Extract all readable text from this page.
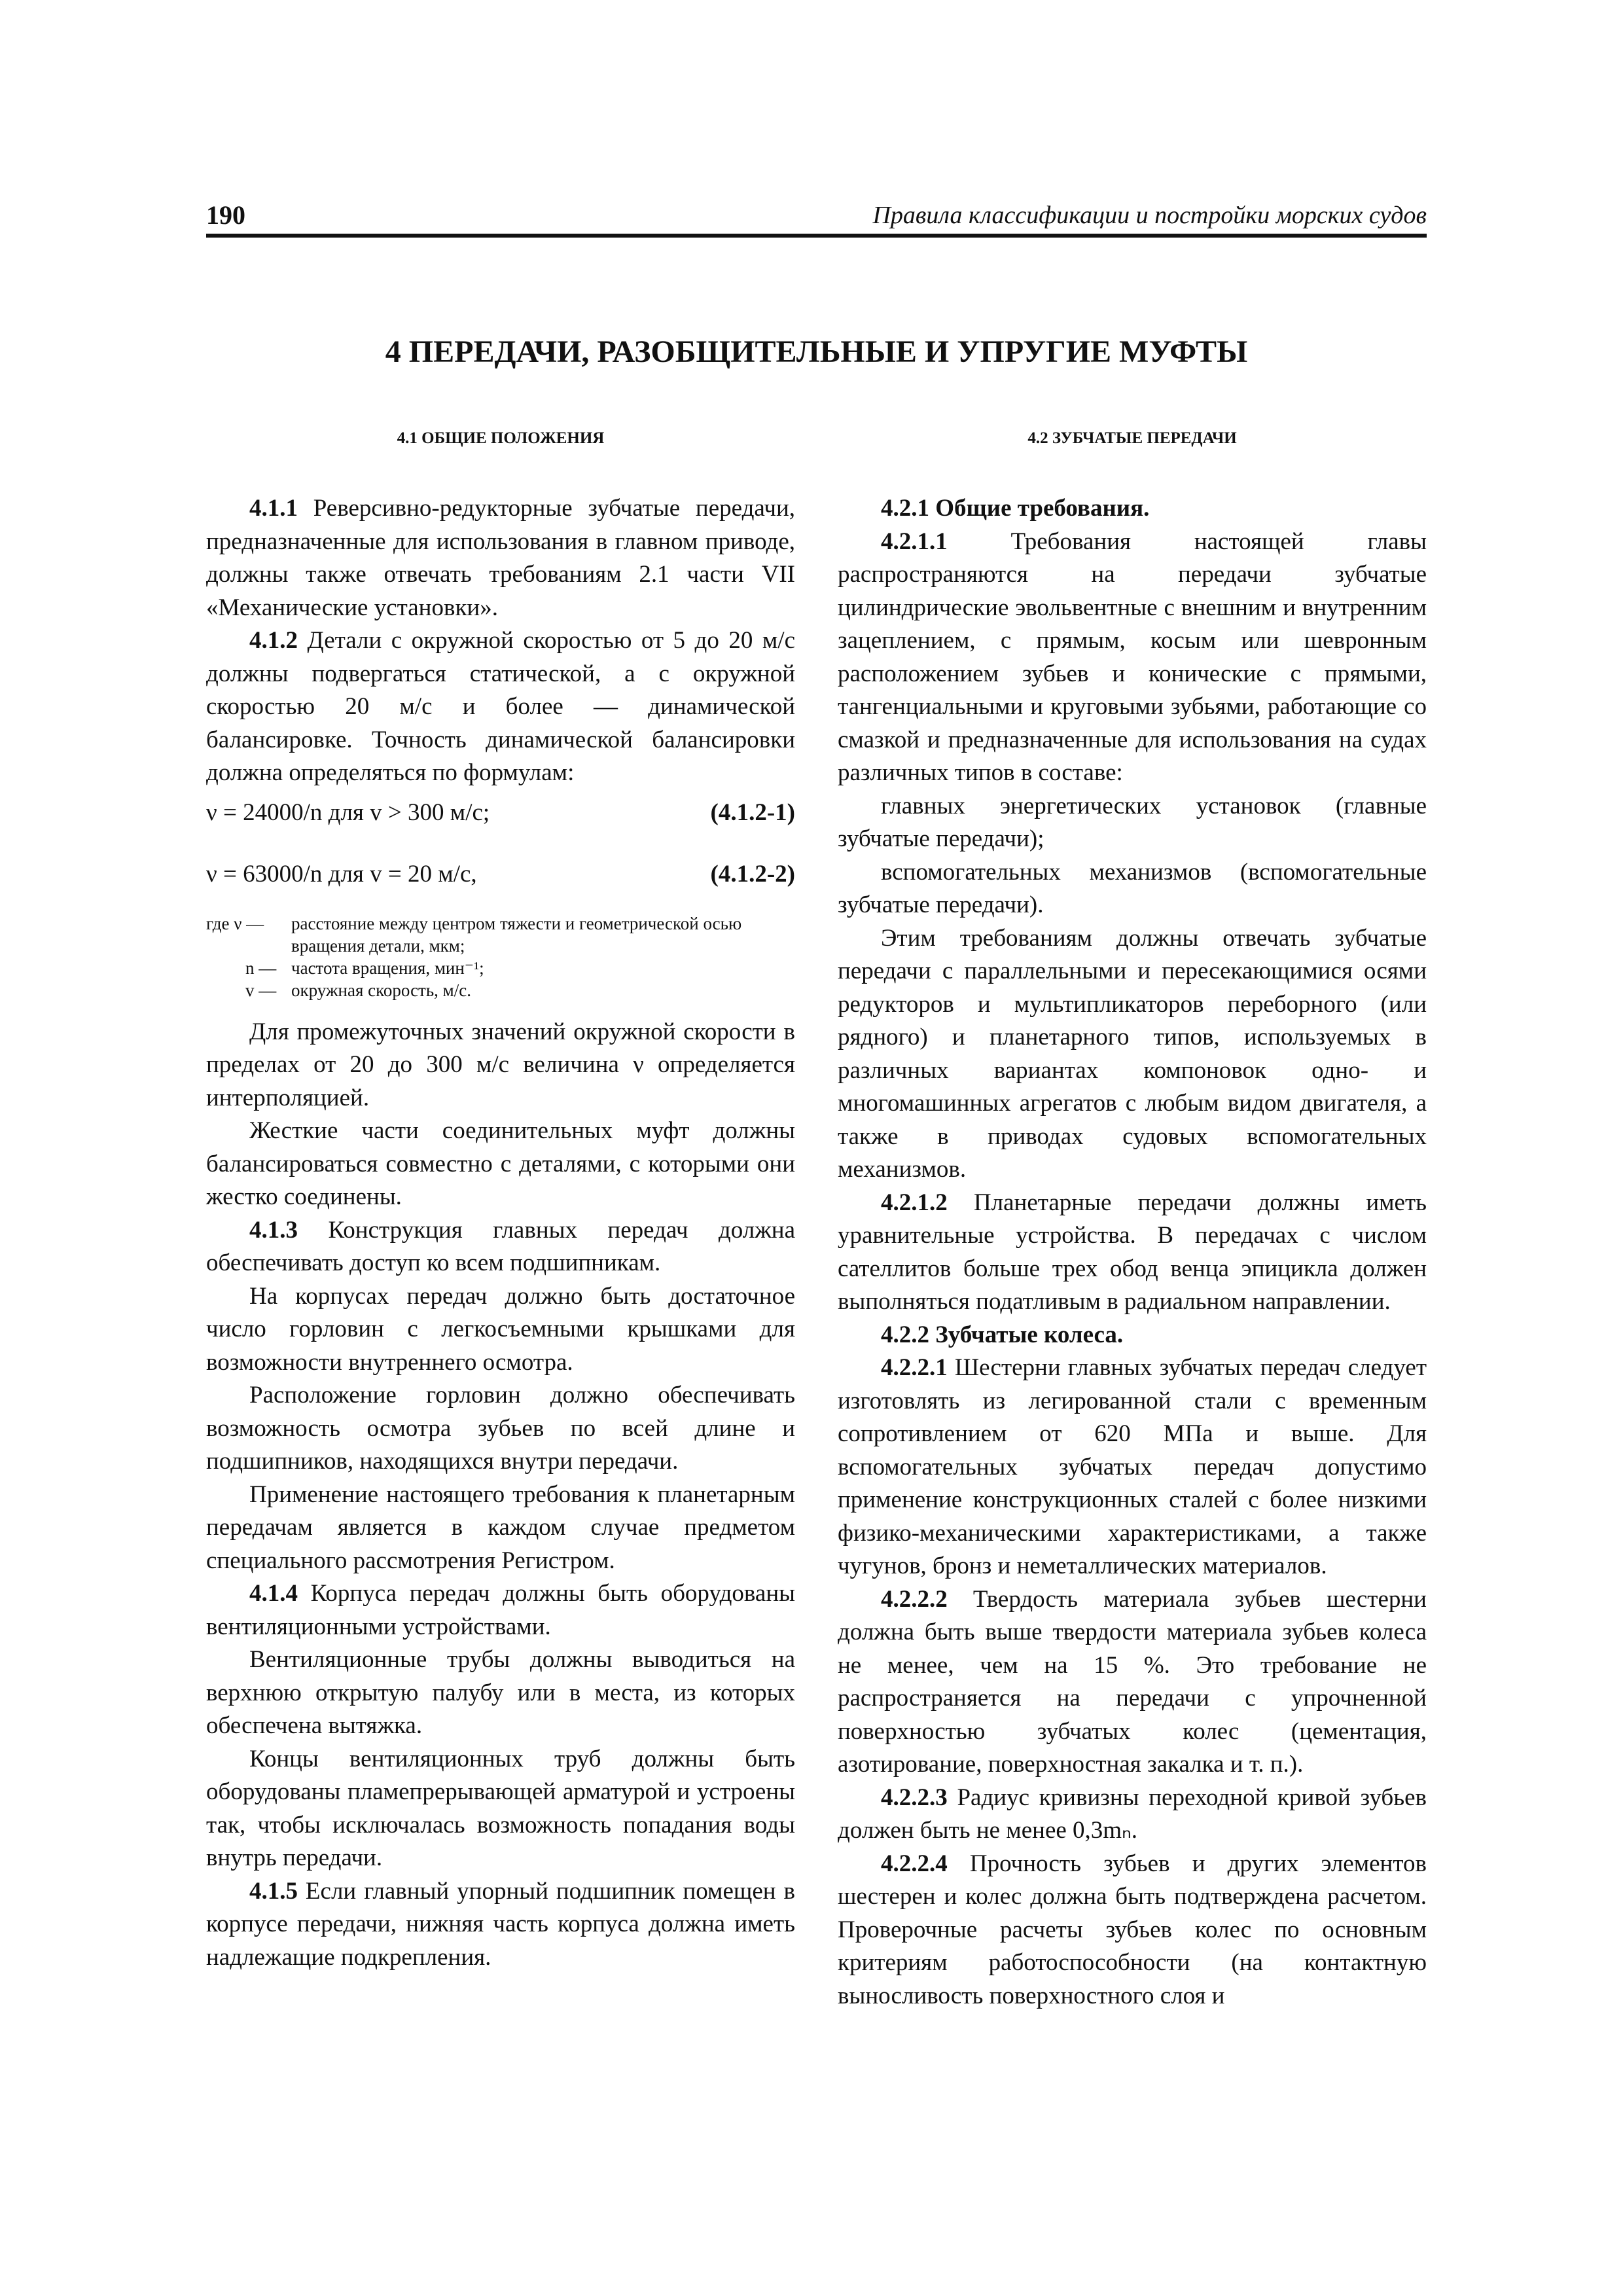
190	Правила классификации и постройки морских судов
4 ПЕРЕДАЧИ, РАЗОБЩИТЕЛЬНЫЕ И УПРУГИЕ МУФТЫ
4.1 ОБЩИЕ ПОЛОЖЕНИЯ

4.1.1 Реверсивно-редукторные зубчатые передачи, предназначенные для использования в главном приводе, должны также отвечать требованиям 2.1 части VII «Механические установки».

4.1.2 Детали с окружной скоростью от 5 до 20 м/с должны подвергаться статической, а с окружной скоростью 20 м/с и более — динамической балансировке. Точность динамической балансировки должна определяться по формулам:

ν = 24000/n для v > 300 м/с;	(4.1.2-1)
ν = 63000/n для v = 20 м/с,	(4.1.2-2)
где ν —	расстояние между центром тяжести и геометрической осью вращения детали, мкм;
n — частота вращения, мин⁻¹;
v — окружная скорость, м/с.

Для промежуточных значений окружной скорости в пределах от 20 до 300 м/с величина ν определяется интерполяцией.

Жесткие части соединительных муфт должны балансироваться совместно с деталями, с которыми они жестко соединены.

4.1.3 Конструкция главных передач должна обеспечивать доступ ко всем подшипникам.

На корпусах передач должно быть достаточное число горловин с легкосъемными крышками для возможности внутреннего осмотра.

Расположение горловин должно обеспечивать возможность осмотра зубьев по всей длине и подшипников, находящихся внутри передачи.

Применение настоящего требования к планетарным передачам является в каждом случае предметом специального рассмотрения Регистром.

4.1.4 Корпуса передач должны быть оборудованы вентиляционными устройствами.

Вентиляционные трубы должны выводиться на верхнюю открытую палубу или в места, из которых обеспечена вытяжка.

Концы вентиляционных труб должны быть оборудованы пламепрерывающей арматурой и устроены так, чтобы исключалась возможность попадания воды внутрь передачи.

4.1.5 Если главный упорный подшипник помещен в корпусе передачи, нижняя часть корпуса должна иметь надлежащие подкрепления.

4.2 ЗУБЧАТЫЕ ПЕРЕДАЧИ

4.2.1 Общие требования.

4.2.1.1 Требования настоящей главы распространяются на передачи зубчатые цилиндрические эвольвентные с внешним и внутренним зацеплением, с прямым, косым или шевронным расположением зубьев и конические с прямыми, тангенциальными и круговыми зубьями, работающие со смазкой и предназначенные для использования на судах различных типов в составе:

главных энергетических установок (главные зубчатые передачи);

вспомогательных механизмов (вспомогательные зубчатые передачи).

Этим требованиям должны отвечать зубчатые передачи с параллельными и пересекающимися осями редукторов и мультипликаторов переборного (или рядного) и планетарного типов, используемых в различных вариантах компоновок одно- и многомашинных агрегатов с любым видом двигателя, а также в приводах судовых вспомогательных механизмов.

4.2.1.2 Планетарные передачи должны иметь уравнительные устройства. В передачах с числом сателлитов больше трех обод венца эпицикла должен выполняться податливым в радиальном направлении.

4.2.2 Зубчатые колеса.

4.2.2.1 Шестерни главных зубчатых передач следует изготовлять из легированной стали с временным сопротивлением от 620 МПа и выше. Для вспомогательных зубчатых передач допустимо применение конструкционных сталей с более низкими физико-механическими характеристиками, а также чугунов, бронз и неметаллических материалов.

4.2.2.2 Твердость материала зубьев шестерни должна быть выше твердости материала зубьев колеса не менее, чем на 15 %. Это требование не распространяется на передачи с упрочненной поверхностью зубчатых колес (цементация, азотирование, поверхностная закалка и т. п.).

4.2.2.3 Радиус кривизны переходной кривой зубьев должен быть не менее 0,3mₙ.

4.2.2.4 Прочность зубьев и других элементов шестерен и колес должна быть подтверждена расчетом. Проверочные расчеты зубьев колес по основным критериям работоспособности (на контактную выносливость поверхностного слоя и
